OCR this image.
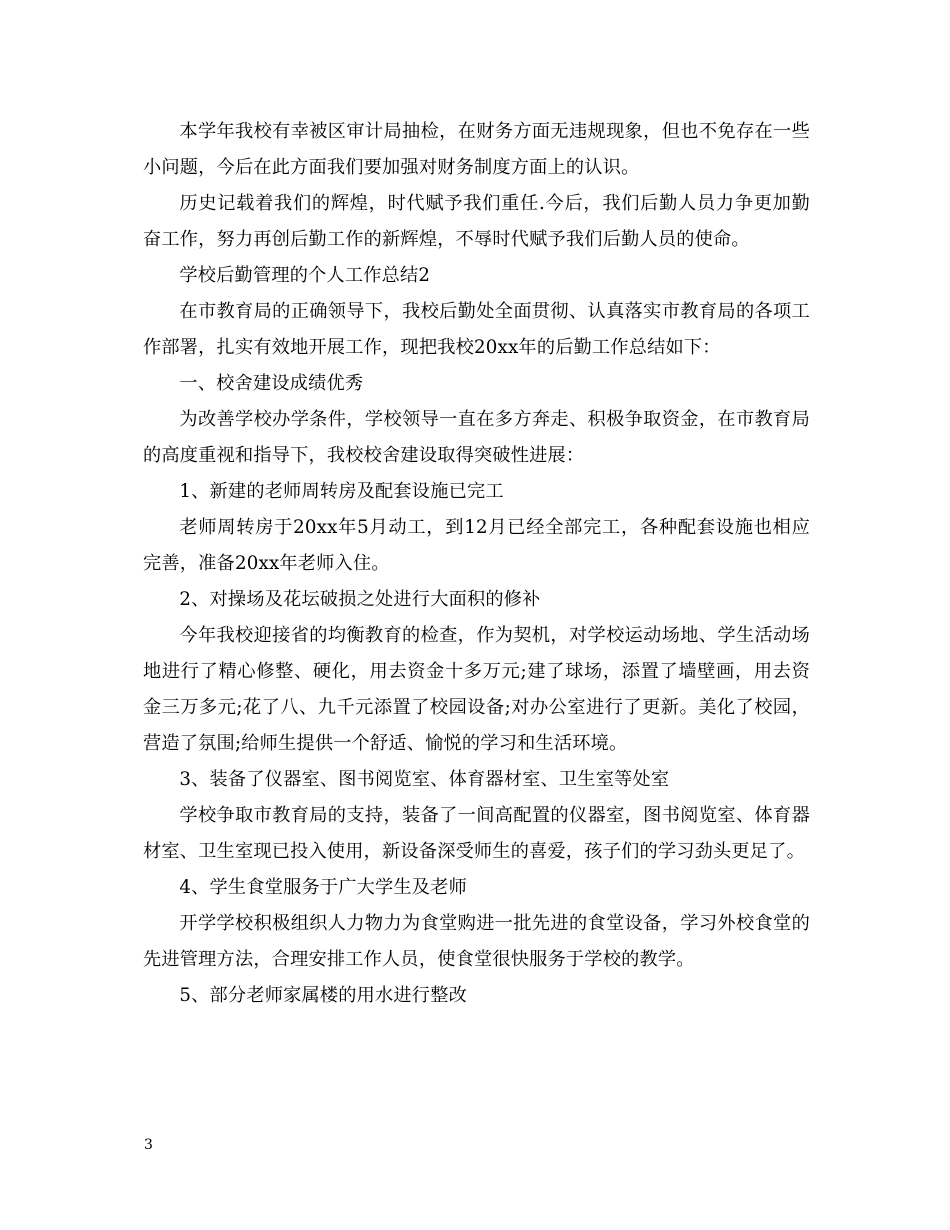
本学年我校有幸被区审计局抽检，在财务方面无违规现象，但也不免存在一些小问题，今后在此方面我们要加强对财务制度方面上的认识。

历史记载着我们的辉煌，时代赋予我们重任.今后，我们后勤人员力争更加勤奋工作，努力再创后勤工作的新辉煌，不辱时代赋予我们后勤人员的使命。

学校后勤管理的个人工作总结2

在市教育局的正确领导下，我校后勤处全面贯彻、认真落实市教育局的各项工作部署，扎实有效地开展工作，现把我校20xx年的后勤工作总结如下：

一、校舍建设成绩优秀

为改善学校办学条件，学校领导一直在多方奔走、积极争取资金，在市教育局的高度重视和指导下，我校校舍建设取得突破性进展：

1、新建的老师周转房及配套设施已完工

老师周转房于20xx年5月动工，到12月已经全部完工，各种配套设施也相应完善，准备20xx年老师入住。

2、对操场及花坛破损之处进行大面积的修补

今年我校迎接省的均衡教育的检查，作为契机，对学校运动场地、学生活动场地进行了精心修整、硬化，用去资金十多万元;建了球场，添置了墙壁画，用去资金三万多元;花了八、九千元添置了校园设备;对办公室进行了更新。美化了校园，营造了氛围;给师生提供一个舒适、愉悦的学习和生活环境。

3、装备了仪器室、图书阅览室、体育器材室、卫生室等处室

学校争取市教育局的支持，装备了一间高配置的仪器室，图书阅览室、体育器材室、卫生室现已投入使用，新设备深受师生的喜爱，孩子们的学习劲头更足了。

4、学生食堂服务于广大学生及老师

开学学校积极组织人力物力为食堂购进一批先进的食堂设备，学习外校食堂的先进管理方法，合理安排工作人员，使食堂很快服务于学校的教学。

5、部分老师家属楼的用水进行整改

3
